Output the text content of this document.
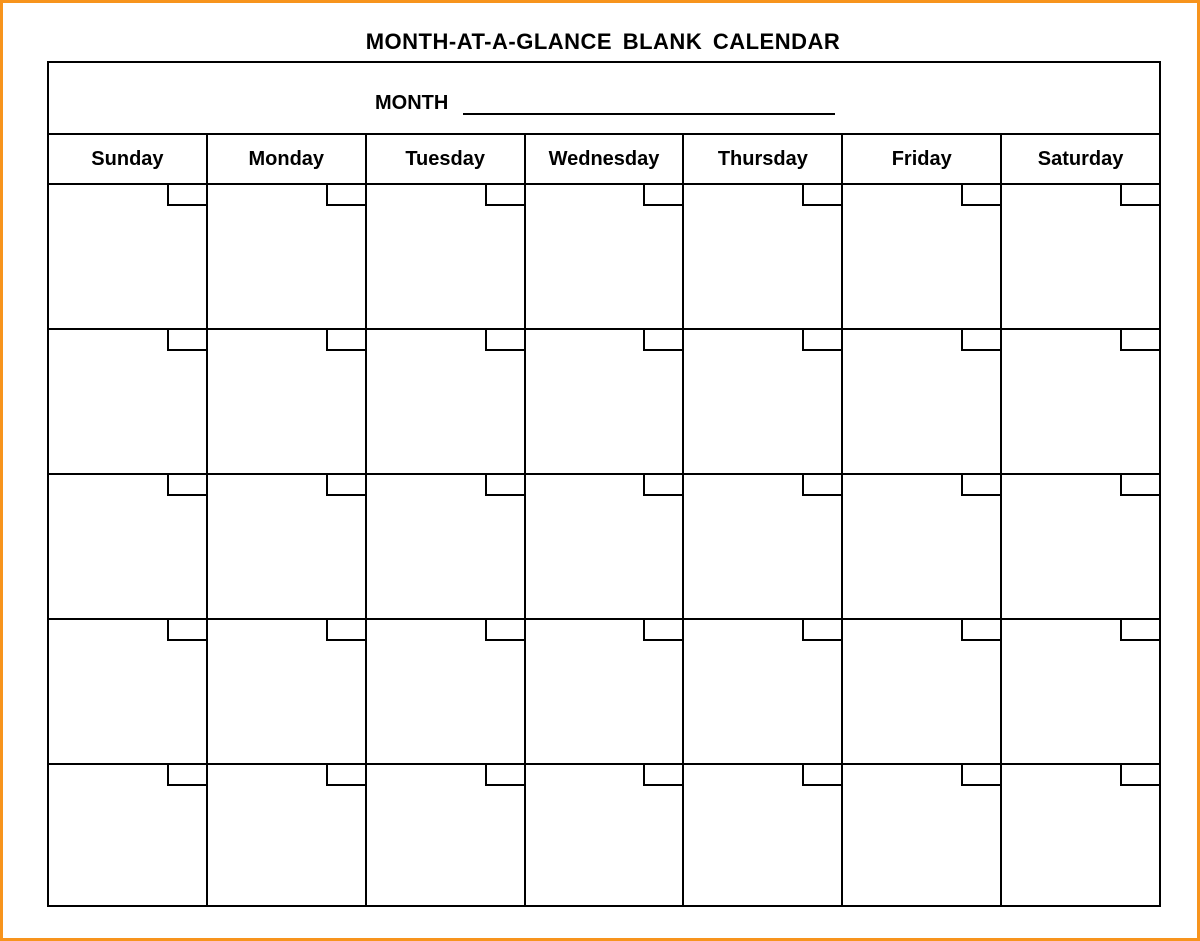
MONTH-AT-A-GLANCE BLANK CALENDAR
MONTH
Sunday	Monday	Tuesday	Wednesday	Thursday	Friday	Saturday
